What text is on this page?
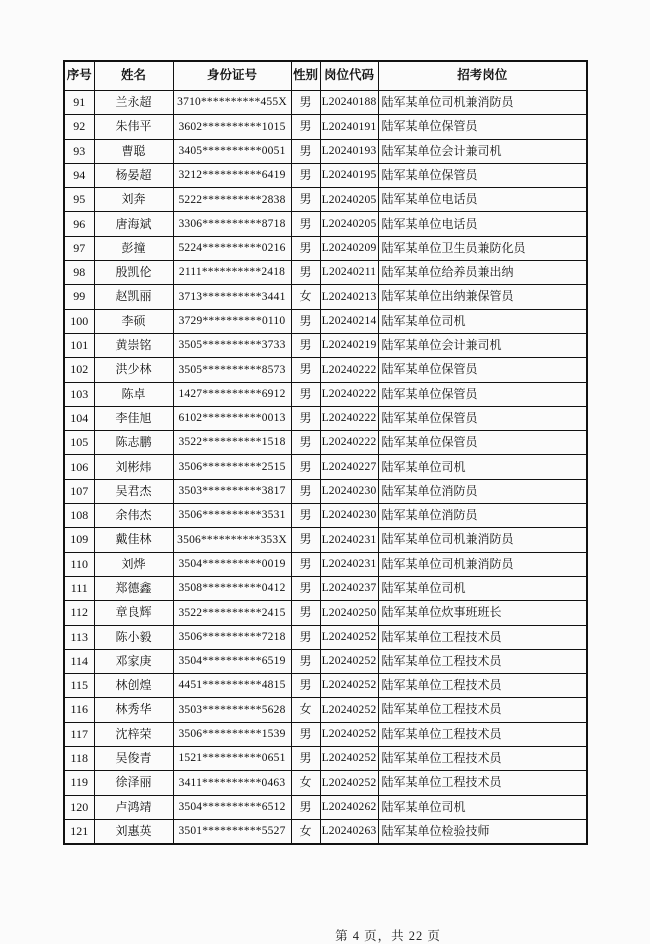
序号	姓名	身份证号	性别	岗位代码	招考岗位
91	兰永超	3710**********455X	男	L20240188	陆军某单位司机兼消防员
92	朱伟平	3602**********1015	男	L20240191	陆军某单位保管员
93	曹聪	3405**********0051	男	L20240193	陆军某单位会计兼司机
94	杨晏超	3212**********6419	男	L20240195	陆军某单位保管员
95	刘奔	5222**********2838	男	L20240205	陆军某单位电话员
96	唐海斌	3306**********8718	男	L20240205	陆军某单位电话员
97	彭撞	5224**********0216	男	L20240209	陆军某单位卫生员兼防化员
98	殷凯伦	2111**********2418	男	L20240211	陆军某单位给养员兼出纳
99	赵凯丽	3713**********3441	女	L20240213	陆军某单位出纳兼保管员
100	李硕	3729**********0110	男	L20240214	陆军某单位司机
101	黄崇铭	3505**********3733	男	L20240219	陆军某单位会计兼司机
102	洪少林	3505**********8573	男	L20240222	陆军某单位保管员
103	陈卓	1427**********6912	男	L20240222	陆军某单位保管员
104	李佳旭	6102**********0013	男	L20240222	陆军某单位保管员
105	陈志鹏	3522**********1518	男	L20240222	陆军某单位保管员
106	刘彬炜	3506**********2515	男	L20240227	陆军某单位司机
107	吴君杰	3503**********3817	男	L20240230	陆军某单位消防员
108	余伟杰	3506**********3531	男	L20240230	陆军某单位消防员
109	戴佳林	3506**********353X	男	L20240231	陆军某单位司机兼消防员
110	刘烨	3504**********0019	男	L20240231	陆军某单位司机兼消防员
111	郑德鑫	3508**********0412	男	L20240237	陆军某单位司机
112	章良辉	3522**********2415	男	L20240250	陆军某单位炊事班班长
113	陈小毅	3506**********7218	男	L20240252	陆军某单位工程技术员
114	邓家庚	3504**********6519	男	L20240252	陆军某单位工程技术员
115	林创煌	4451**********4815	男	L20240252	陆军某单位工程技术员
116	林秀华	3503**********5628	女	L20240252	陆军某单位工程技术员
117	沈梓荣	3506**********1539	男	L20240252	陆军某单位工程技术员
118	吴俊青	1521**********0651	男	L20240252	陆军某单位工程技术员
119	徐泽丽	3411**********0463	女	L20240252	陆军某单位工程技术员
120	卢鸿靖	3504**********6512	男	L20240262	陆军某单位司机
121	刘惠英	3501**********5527	女	L20240263	陆军某单位检验技师
第 4 页，共 22 页
